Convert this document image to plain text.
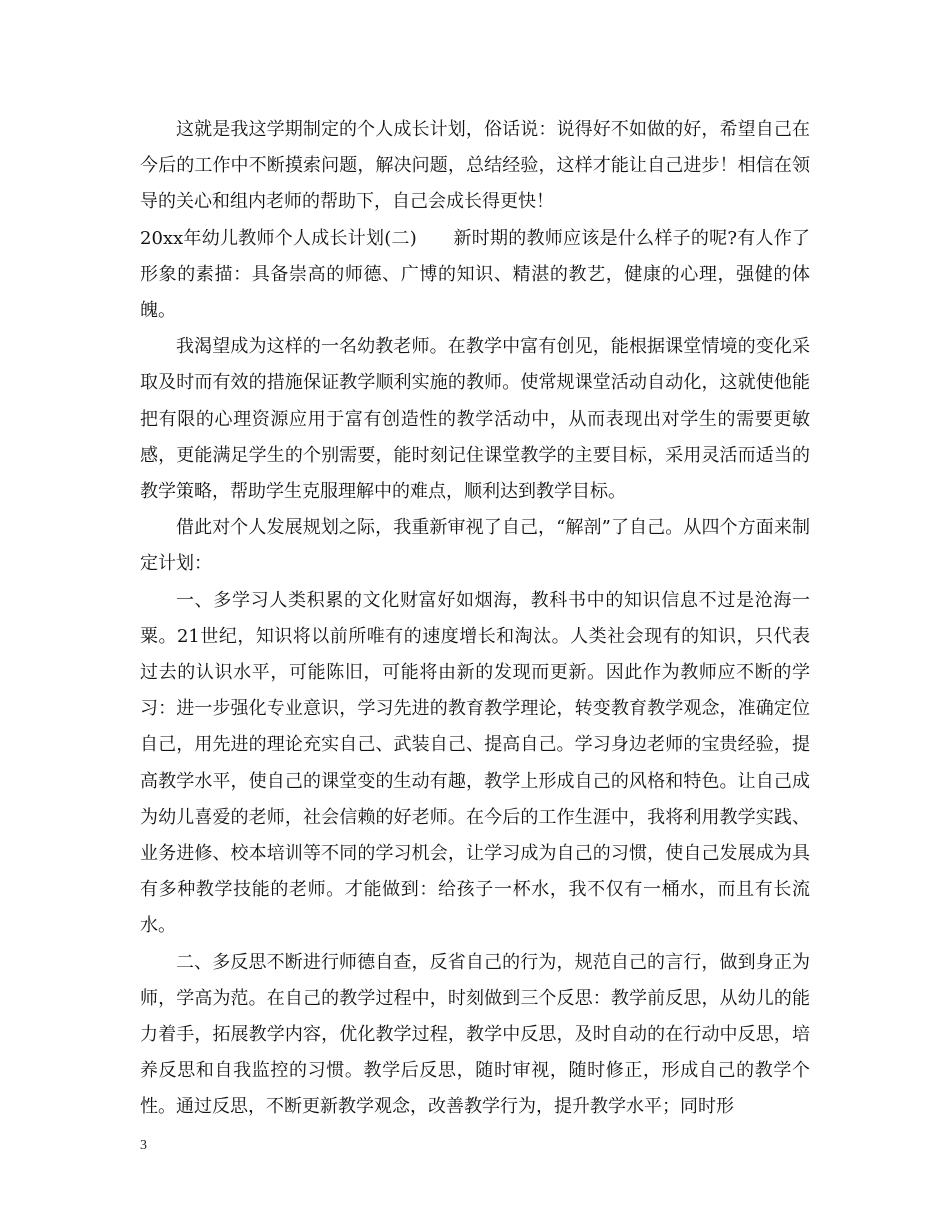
这就是我这学期制定的个人成长计划，俗话说：说得好不如做的好，希望自己在今后的工作中不断摸索问题，解决问题，总结经验，这样才能让自己进步！相信在领导的关心和组内老师的帮助下，自己会成长得更快！

20xx年幼儿教师个人成长计划(二)　　新时期的教师应该是什么样子的呢?有人作了形象的素描：具备崇高的师德、广博的知识、精湛的教艺，健康的心理，强健的体魄。

我渴望成为这样的一名幼教老师。在教学中富有创见，能根据课堂情境的变化采取及时而有效的措施保证教学顺利实施的教师。使常规课堂活动自动化，这就使他能把有限的心理资源应用于富有创造性的教学活动中，从而表现出对学生的需要更敏感，更能满足学生的个别需要，能时刻记住课堂教学的主要目标，采用灵活而适当的教学策略，帮助学生克服理解中的难点，顺利达到教学目标。

借此对个人发展规划之际，我重新审视了自己，“解剖”了自己。从四个方面来制定计划：

一、多学习人类积累的文化财富好如烟海，教科书中的知识信息不过是沧海一粟。21世纪，知识将以前所唯有的速度增长和淘汰。人类社会现有的知识，只代表过去的认识水平，可能陈旧，可能将由新的发现而更新。因此作为教师应不断的学习：进一步强化专业意识，学习先进的教育教学理论，转变教育教学观念，准确定位自己，用先进的理论充实自己、武装自己、提高自己。学习身边老师的宝贵经验，提高教学水平，使自己的课堂变的生动有趣，教学上形成自己的风格和特色。让自己成为幼儿喜爱的老师，社会信赖的好老师。在今后的工作生涯中，我将利用教学实践、业务进修、校本培训等不同的学习机会，让学习成为自己的习惯，使自己发展成为具有多种教学技能的老师。才能做到：给孩子一杯水，我不仅有一桶水，而且有长流水。

二、多反思不断进行师德自查，反省自己的行为，规范自己的言行，做到身正为师，学高为范。在自己的教学过程中，时刻做到三个反思：教学前反思，从幼儿的能力着手，拓展教学内容，优化教学过程，教学中反思，及时自动的在行动中反思，培养反思和自我监控的习惯。教学后反思，随时审视，随时修正，形成自己的教学个性。通过反思，不断更新教学观念，改善教学行为，提升教学水平；同时形

3
